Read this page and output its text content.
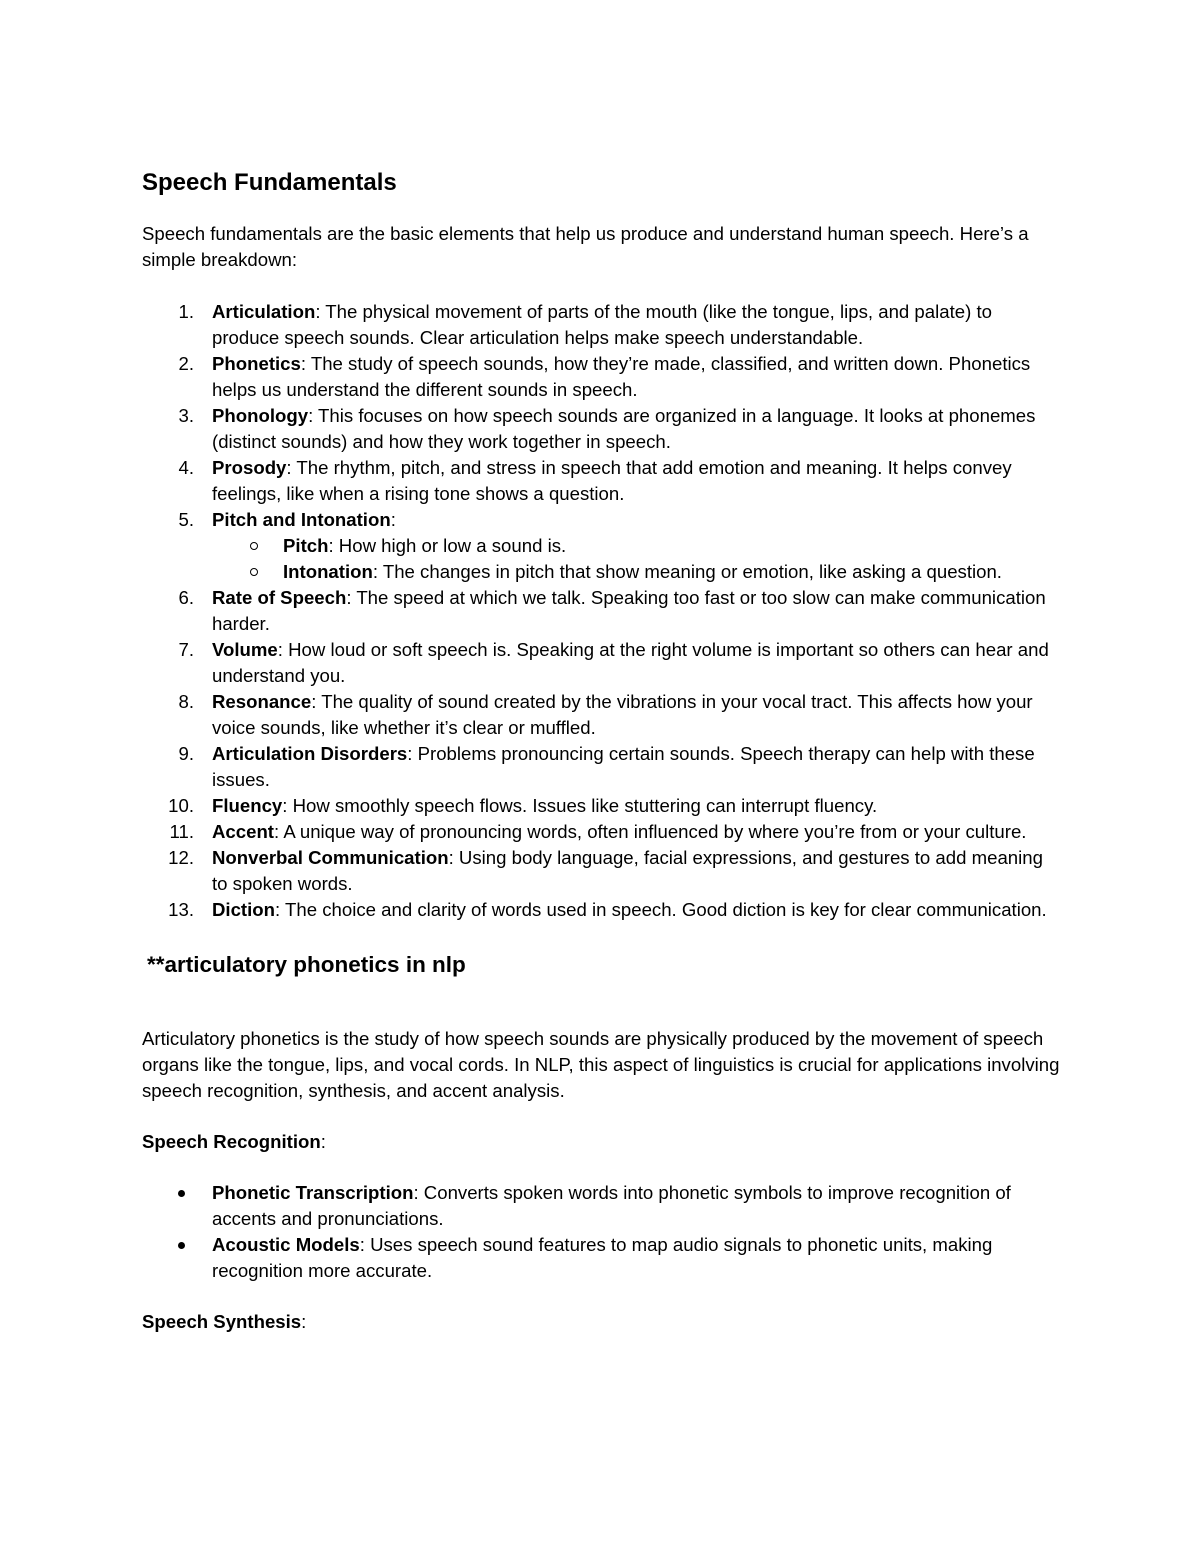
Speech Fundamentals

Speech fundamentals are the basic elements that help us produce and understand human speech. Here’s a simple breakdown:

1. Articulation: The physical movement of parts of the mouth (like the tongue, lips, and palate) to produce speech sounds. Clear articulation helps make speech understandable.
2. Phonetics: The study of speech sounds, how they’re made, classified, and written down. Phonetics helps us understand the different sounds in speech.
3. Phonology: This focuses on how speech sounds are organized in a language. It looks at phonemes (distinct sounds) and how they work together in speech.
4. Prosody: The rhythm, pitch, and stress in speech that add emotion and meaning. It helps convey feelings, like when a rising tone shows a question.
5. Pitch and Intonation:
Pitch: How high or low a sound is.
Intonation: The changes in pitch that show meaning or emotion, like asking a question.
6. Rate of Speech: The speed at which we talk. Speaking too fast or too slow can make communication harder.
7. Volume: How loud or soft speech is. Speaking at the right volume is important so others can hear and understand you.
8. Resonance: The quality of sound created by the vibrations in your vocal tract. This affects how your voice sounds, like whether it’s clear or muffled.
9. Articulation Disorders: Problems pronouncing certain sounds. Speech therapy can help with these issues.
10. Fluency: How smoothly speech flows. Issues like stuttering can interrupt fluency.
11. Accent: A unique way of pronouncing words, often influenced by where you’re from or your culture.
12. Nonverbal Communication: Using body language, facial expressions, and gestures to add meaning to spoken words.
13. Diction: The choice and clarity of words used in speech. Good diction is key for clear communication.
**articulatory phonetics in nlp

Articulatory phonetics is the study of how speech sounds are physically produced by the movement of speech organs like the tongue, lips, and vocal cords. In NLP, this aspect of linguistics is crucial for applications involving speech recognition, synthesis, and accent analysis.

Speech Recognition:

Phonetic Transcription: Converts spoken words into phonetic symbols to improve recognition of accents and pronunciations.
Acoustic Models: Uses speech sound features to map audio signals to phonetic units, making recognition more accurate.

Speech Synthesis:
